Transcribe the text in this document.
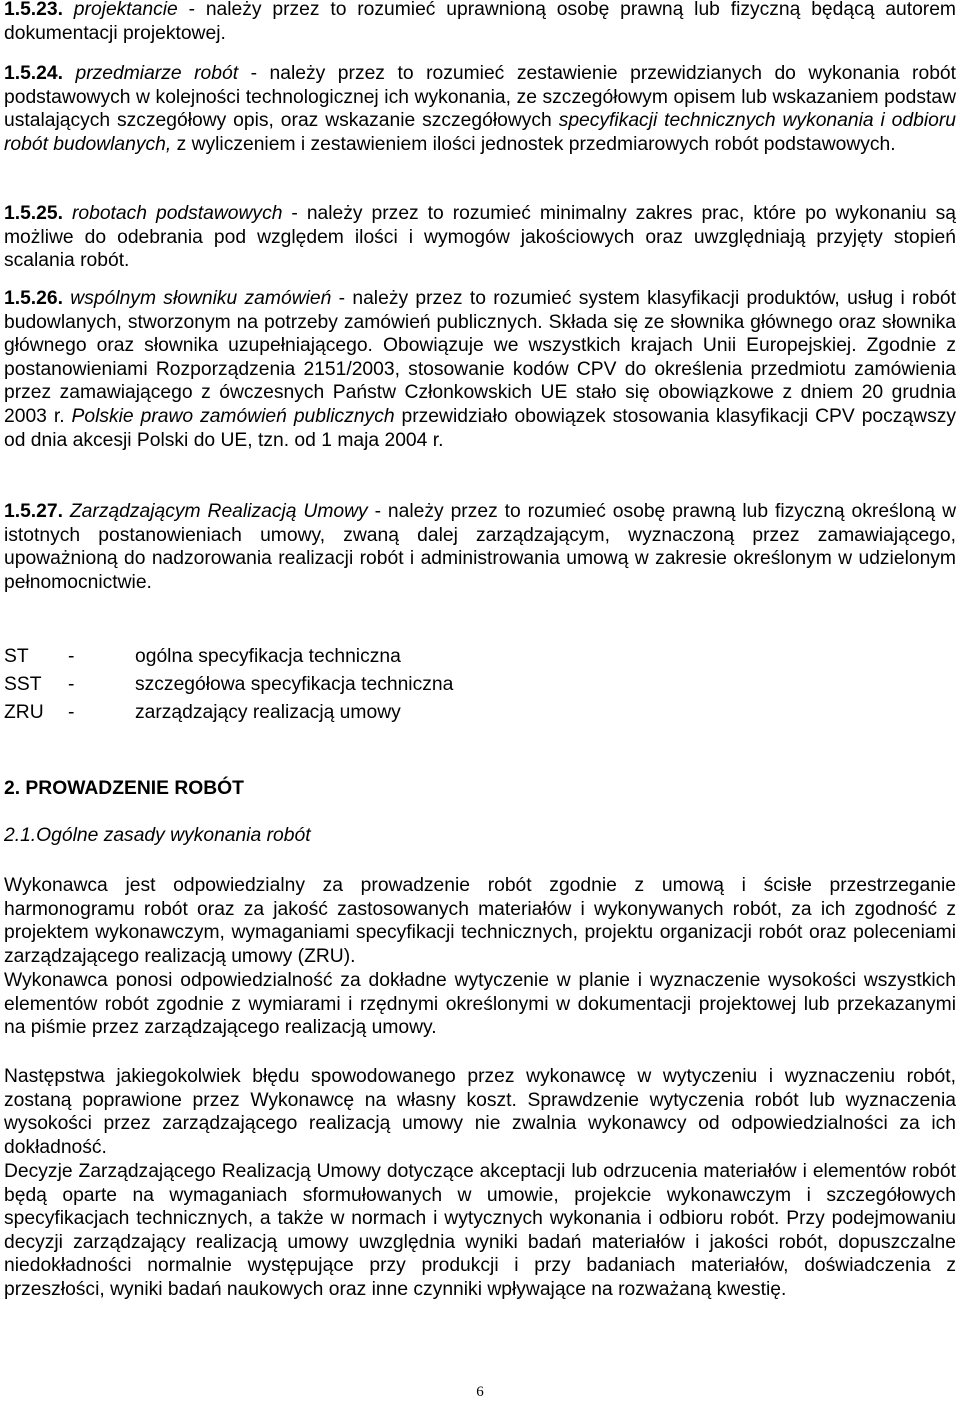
1.5.23. projektancie - należy przez to rozumieć uprawnioną osobę prawną lub fizyczną będącą autorem dokumentacji projektowej.
1.5.24. przedmiarze robót - należy przez to rozumieć zestawienie przewidzianych do wykonania robót podstawowych w kolejności technologicznej ich wykonania, ze szczegółowym opisem lub wskazaniem podstaw ustalających szczegółowy opis, oraz wskazanie szczegółowych specyfikacji technicznych wykonania i odbioru robót budowlanych, z wyliczeniem i zestawieniem ilości jednostek przedmiarowych robót podstawowych.
1.5.25. robotach podstawowych - należy przez to rozumieć minimalny zakres prac, które po wykonaniu są możliwe do odebrania pod względem ilości i wymogów jakościowych oraz uwzględniają przyjęty stopień scalania robót.
1.5.26. wspólnym słowniku zamówień - należy przez to rozumieć system klasyfikacji produktów, usług i robót budowlanych, stworzonym na potrzeby zamówień publicznych. Składa się ze słownika głównego oraz słownika głównego oraz słownika uzupełniającego. Obowiązuje we wszystkich krajach Unii Europejskiej. Zgodnie z postanowieniami Rozporządzenia 2151/2003, stosowanie kodów CPV do określenia przedmiotu zamówienia przez zamawiającego z ówczesnych Państw Członkowskich UE stało się obowiązkowe z dniem 20 grudnia 2003 r. Polskie prawo zamówień publicznych przewidziało obowiązek stosowania klasyfikacji CPV począwszy od dnia akcesji Polski do UE, tzn. od 1 maja 2004 r.
1.5.27. Zarządzającym Realizacją Umowy - należy przez to rozumieć osobę prawną lub fizyczną określoną w istotnych postanowieniach umowy, zwaną dalej zarządzającym, wyznaczoną przez zamawiającego, upoważnioną do nadzorowania realizacji robót i administrowania umową w zakresie określonym w udzielonym pełnomocnictwie.
ST	-	ogólna specyfikacja techniczna
SST	-	szczegółowa specyfikacja techniczna
ZRU	-	zarządzający realizacją umowy
2. PROWADZENIE ROBÓT
2.1.Ogólne zasady wykonania robót
Wykonawca jest odpowiedzialny za prowadzenie robót zgodnie z umową i ścisłe przestrzeganie harmonogramu robót oraz za jakość zastosowanych materiałów i wykonywanych robót, za ich zgodność z projektem wykonawczym, wymaganiami specyfikacji technicznych, projektu organizacji robót oraz poleceniami zarządzającego realizacją umowy (ZRU).
Wykonawca ponosi odpowiedzialność za dokładne wytyczenie w planie i wyznaczenie wysokości wszystkich elementów robót zgodnie z wymiarami i rzędnymi określonymi w dokumentacji projektowej lub przekazanymi na piśmie przez zarządzającego realizacją umowy.
Następstwa jakiegokolwiek błędu spowodowanego przez wykonawcę w wytyczeniu i wyznaczeniu robót, zostaną poprawione przez Wykonawcę na własny koszt. Sprawdzenie wytyczenia robót lub wyznaczenia wysokości przez zarządzającego realizacją umowy nie zwalnia wykonawcy od odpowiedzialności za ich dokładność.
Decyzje Zarządzającego Realizacją Umowy dotyczące akceptacji lub odrzucenia materiałów i elementów robót będą oparte na wymaganiach sformułowanych w umowie, projekcie wykonawczym i szczegółowych specyfikacjach technicznych, a także w normach i wytycznych wykonania i odbioru robót. Przy podejmowaniu decyzji zarządzający realizacją umowy uwzględnia wyniki badań materiałów i jakości robót, dopuszczalne niedokładności normalnie występujące przy produkcji i przy badaniach materiałów, doświadczenia z przeszłości, wyniki badań naukowych oraz inne czynniki wpływające na rozważaną kwestię.
6
